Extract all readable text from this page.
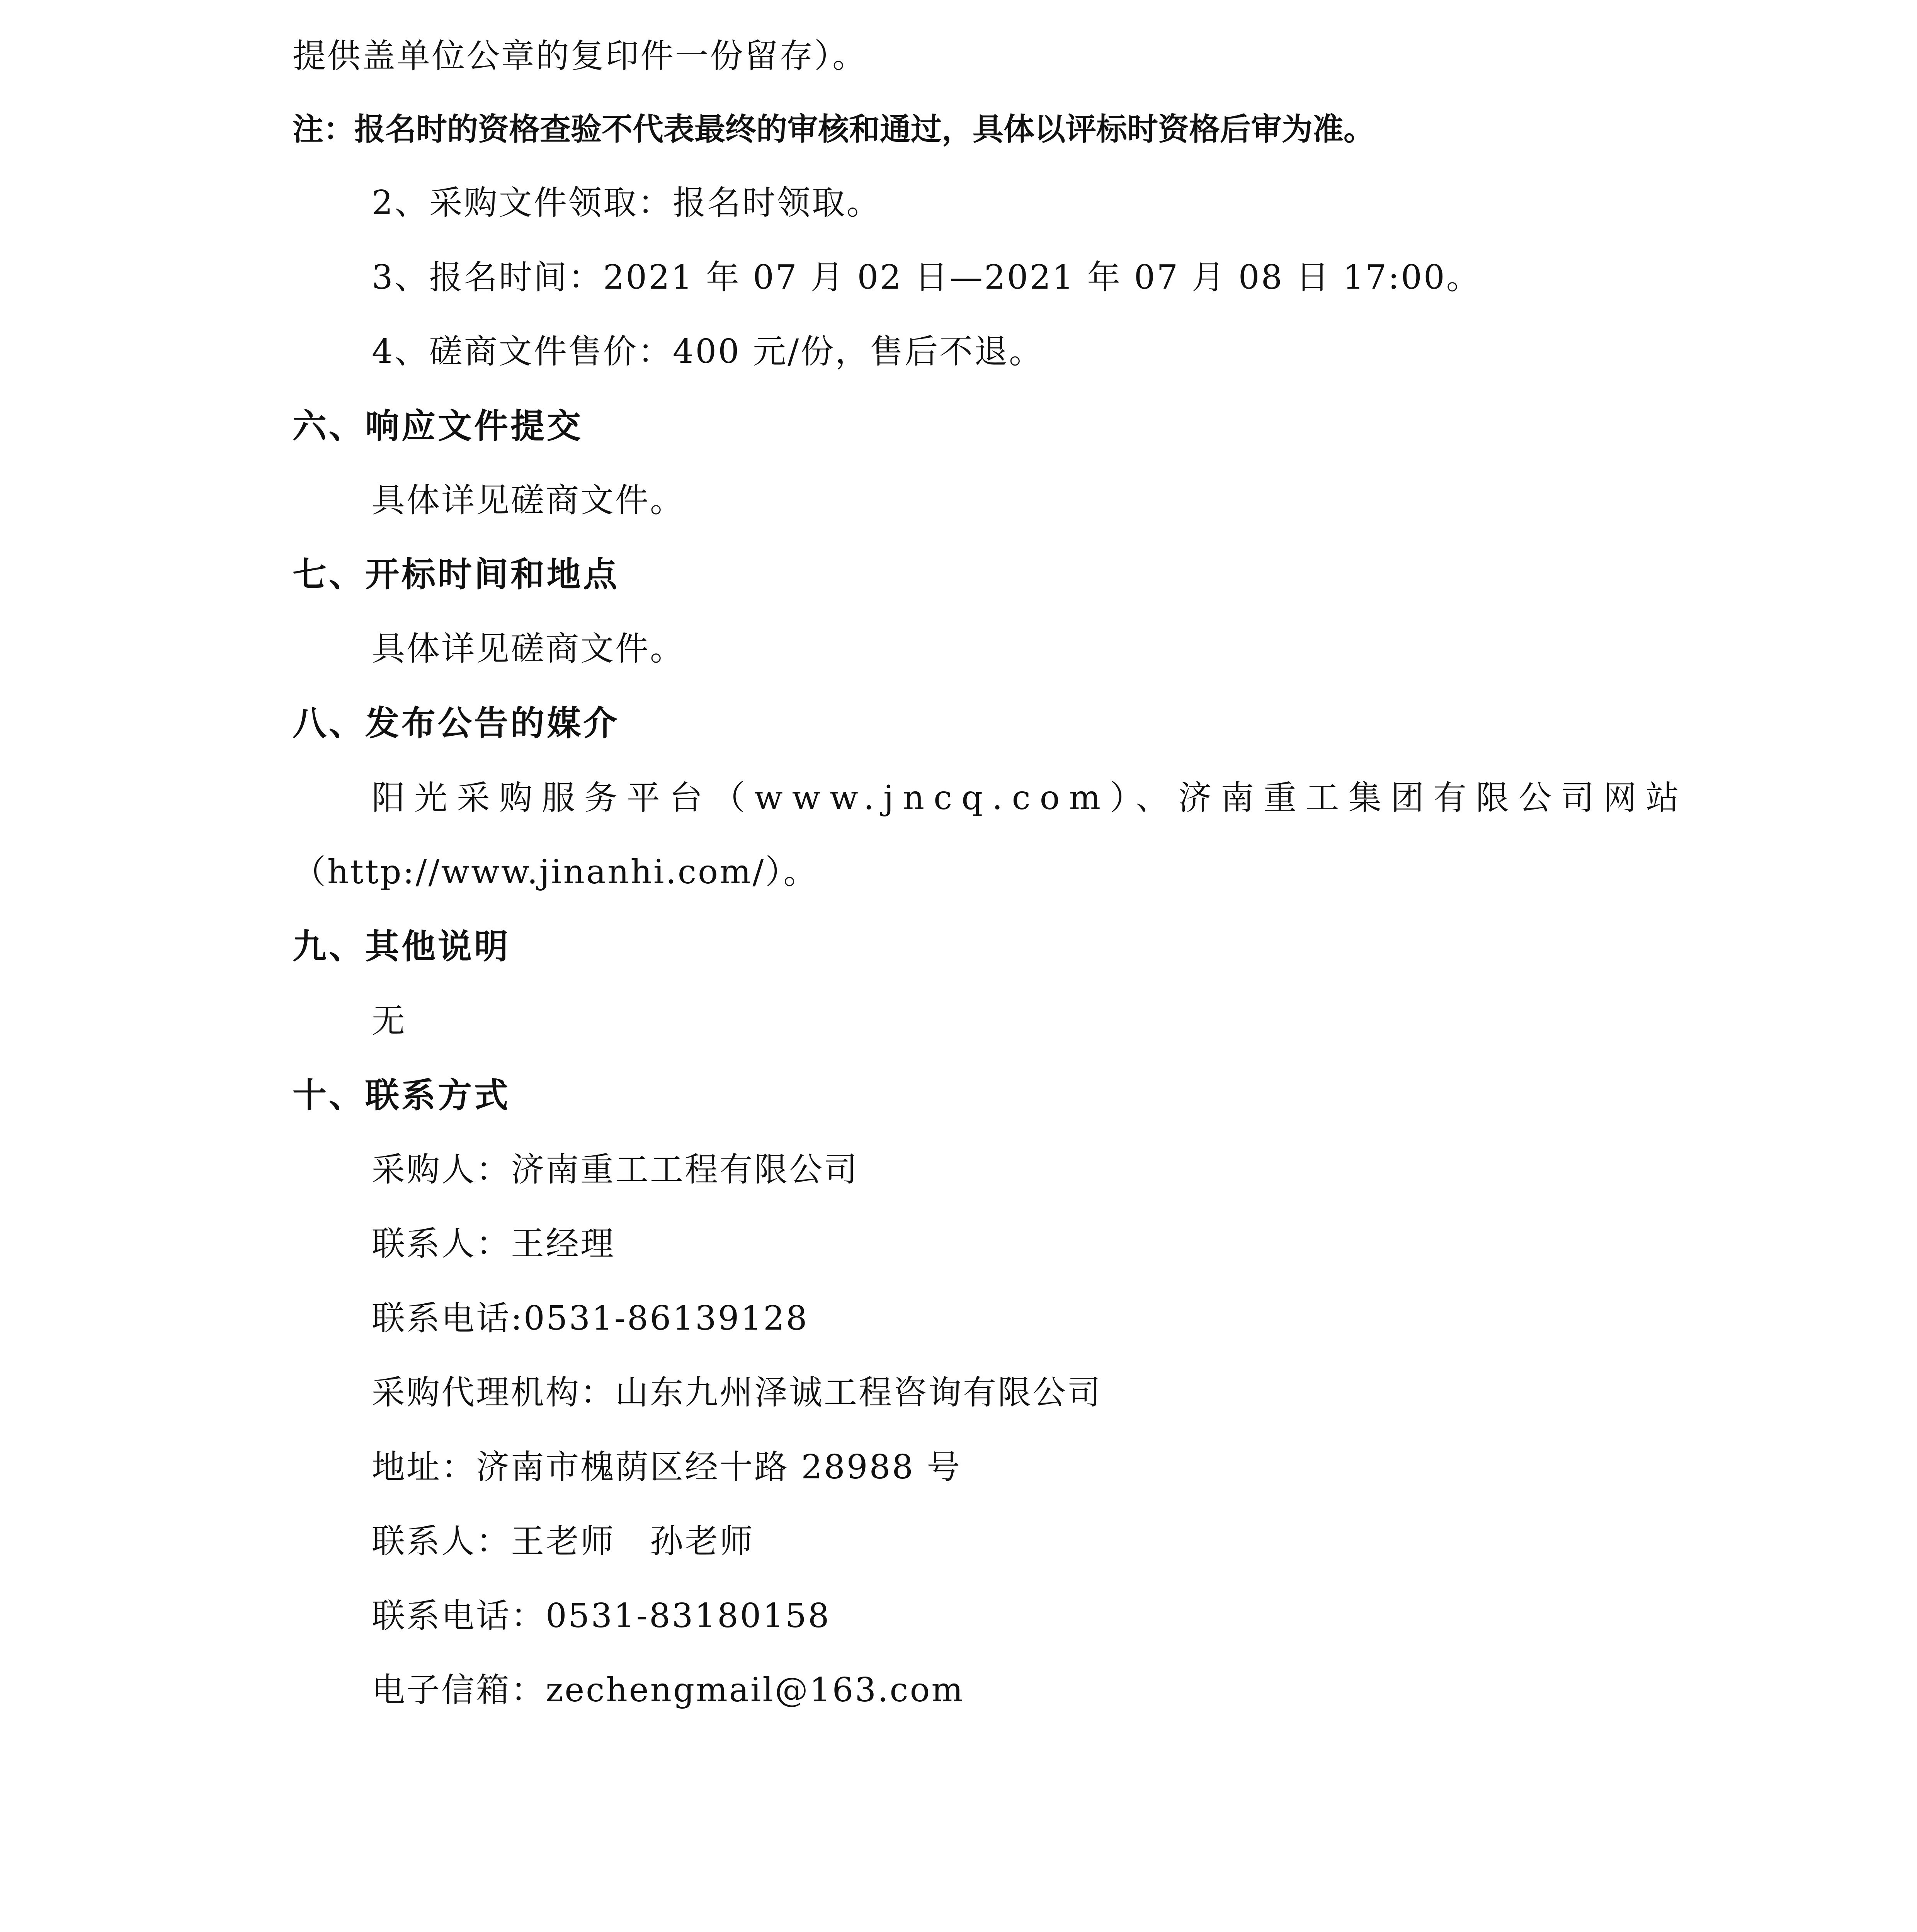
提供盖单位公章的复印件一份留存）。
注：报名时的资格查验不代表最终的审核和通过，具体以评标时资格后审为准。
2、采购文件领取：报名时领取。
3、报名时间：2021 年 07 月 02 日—2021 年 07 月 08 日 17:00。
4、磋商文件售价：400 元/份，售后不退。
六、响应文件提交
具体详见磋商文件。
七、开标时间和地点
具体详见磋商文件。
八、发布公告的媒介
阳光采购服务平台（www.jncq.com）、济南重工集团有限公司网站
（http://www.jinanhi.com/）。
九、其他说明
无
十、联系方式
采购人：济南重工工程有限公司
联系人：王经理
联系电话:0531-86139128
采购代理机构：山东九州泽诚工程咨询有限公司
地址：济南市槐荫区经十路 28988 号
联系人：王老师　孙老师
联系电话：0531-83180158
电子信箱：zechengmail@163.com
